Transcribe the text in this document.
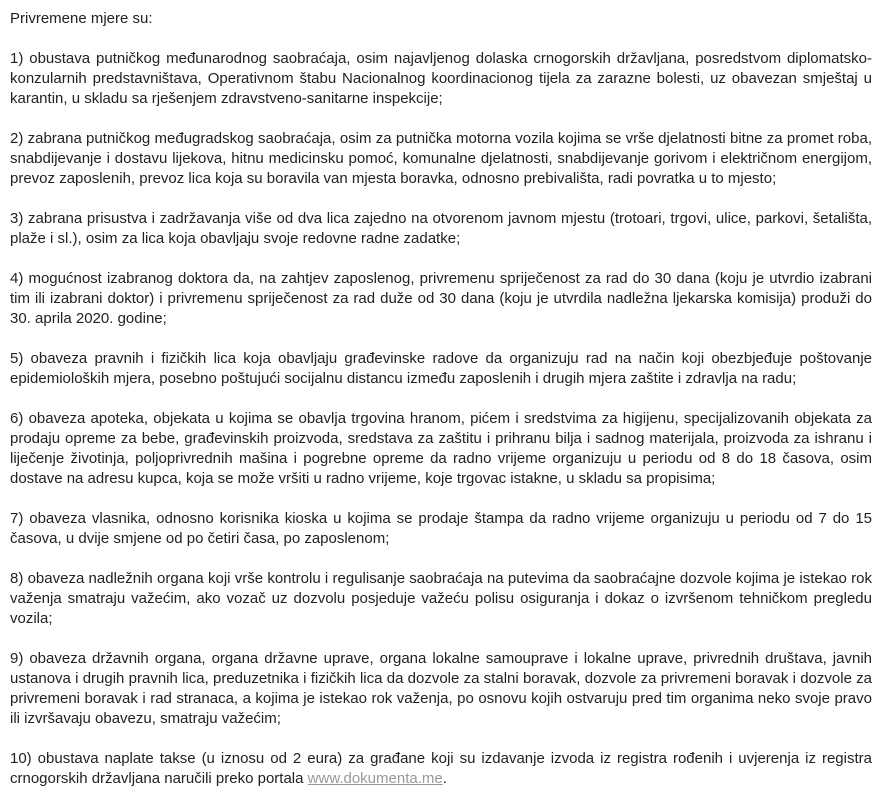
Privremene mjere su:

1) obustava putničkog međunarodnog saobraćaja, osim najavljenog dolaska crnogorskih državljana, posredstvom diplomatsko-konzularnih predstavništava, Operativnom štabu Nacionalnog koordinacionog tijela za zarazne bolesti, uz obavezan smještaj u karantin, u skladu sa rješenjem zdravstveno-sanitarne inspekcije;

2) zabrana putničkog međugradskog saobraćaja, osim za putnička motorna vozila kojima se vrše djelatnosti bitne za promet roba, snabdijevanje i dostavu lijekova, hitnu medicinsku pomoć, komunalne djelatnosti, snabdijevanje gorivom i električnom energijom, prevoz zaposlenih, prevoz lica koja su boravila van mjesta boravka, odnosno prebivališta, radi povratka u to mjesto;

3) zabrana prisustva i zadržavanja više od dva lica zajedno na otvorenom javnom mjestu (trotoari, trgovi, ulice, parkovi, šetališta, plaže i sl.), osim za lica koja obavljaju svoje redovne radne zadatke;

4) mogućnost izabranog doktora da, na zahtjev zaposlenog, privremenu spriječenost za rad do 30 dana (koju je utvrdio izabrani tim ili izabrani doktor) i privremenu spriječenost za rad duže od 30 dana (koju je utvrdila nadležna ljekarska komisija) produži do 30. aprila 2020. godine;

5) obaveza pravnih i fizičkih lica koja obavljaju građevinske radove da organizuju rad na način koji obezbjeđuje poštovanje epidemioloških mjera, posebno poštujući socijalnu distancu između zaposlenih i drugih mjera zaštite i zdravlja na radu;

6) obaveza apoteka, objekata u kojima se obavlja trgovina hranom, pićem i sredstvima za higijenu, specijalizovanih objekata za prodaju opreme za bebe, građevinskih proizvoda, sredstava za zaštitu i prihranu bilja i sadnog materijala, proizvoda za ishranu i liječenje životinja, poljoprivrednih mašina i pogrebne opreme da radno vrijeme organizuju u periodu od 8 do 18 časova, osim dostave na adresu kupca, koja se može vršiti u radno vrijeme, koje trgovac istakne, u skladu sa propisima;

7) obaveza vlasnika, odnosno korisnika kioska u kojima se prodaje štampa da radno vrijeme organizuju u periodu od 7 do 15 časova, u dvije smjene od po četiri časa, po zaposlenom;

8) obaveza nadležnih organa koji vrše kontrolu i regulisanje saobraćaja na putevima da saobraćajne dozvole kojima je istekao rok važenja smatraju važećim, ako vozač uz dozvolu posjeduje važeću polisu osiguranja i dokaz o izvršenom tehničkom pregledu vozila;

9) obaveza državnih organa, organa državne uprave, organa lokalne samouprave i lokalne uprave, privrednih društava, javnih ustanova i drugih pravnih lica, preduzetnika i fizičkih lica da dozvole za stalni boravak, dozvole za privremeni boravak i dozvole za privremeni boravak i rad stranaca, a kojima je istekao rok važenja, po osnovu kojih ostvaruju pred tim organima neko svoje pravo ili izvršavaju obavezu, smatraju važećim;

10) obustava naplate takse (u iznosu od 2 eura) za građane koji su izdavanje izvoda iz registra rođenih i uvjerenja iz registra crnogorskih državljana naručili preko portala www.dokumenta.me.
